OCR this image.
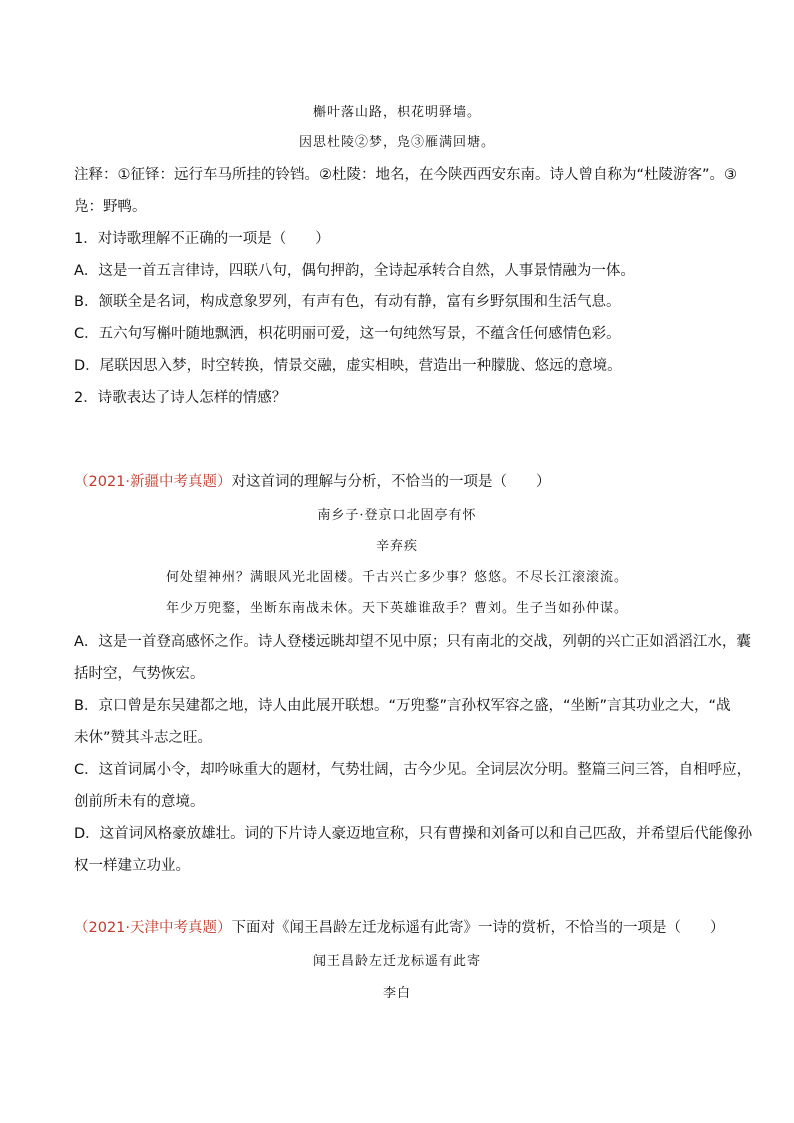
槲叶落山路，枳花明驿墙。
因思杜陵②梦，凫③雁满回塘。
注释：①征铎：远行车马所挂的铃铛。②杜陵：地名，在今陕西西安东南。诗人曾自称为“杜陵游客”。③
凫：野鸭。
1．对诗歌理解不正确的一项是（　　）
A．这是一首五言律诗，四联八句，偶句押韵，全诗起承转合自然，人事景情融为一体。
B．颔联全是名词，构成意象罗列，有声有色，有动有静，富有乡野氛围和生活气息。
C．五六句写槲叶随地飘洒，枳花明丽可爱，这一句纯然写景，不蕴含任何感情色彩。
D．尾联因思入梦，时空转换，情景交融，虚实相映，营造出一种朦胧、悠远的意境。
2．诗歌表达了诗人怎样的情感？
（2021·新疆中考真题）对这首词的理解与分析，不恰当的一项是（　　）
南乡子·登京口北固亭有怀
辛弃疾
何处望神州？满眼风光北固楼。千古兴亡多少事？悠悠。不尽长江滚滚流。
年少万兜鍪，坐断东南战未休。天下英雄谁敌手？曹刘。生子当如孙仲谋。
A．这是一首登高感怀之作。诗人登楼远眺却望不见中原；只有南北的交战，列朝的兴亡正如滔滔江水，囊
括时空，气势恢宏。
B．京口曾是东吴建都之地，诗人由此展开联想。“万兜鍪”言孙权军容之盛，“坐断”言其功业之大，“战
未休”赞其斗志之旺。
C．这首词属小令，却吟咏重大的题材，气势壮阔，古今少见。全词层次分明。整篇三问三答，自相呼应，
创前所未有的意境。
D．这首词风格豪放雄壮。词的下片诗人豪迈地宣称，只有曹操和刘备可以和自己匹敌，并希望后代能像孙
权一样建立功业。
（2021·天津中考真题）下面对《闻王昌龄左迁龙标遥有此寄》一诗的赏析，不恰当的一项是（　　）
闻王昌龄左迁龙标遥有此寄
李白
